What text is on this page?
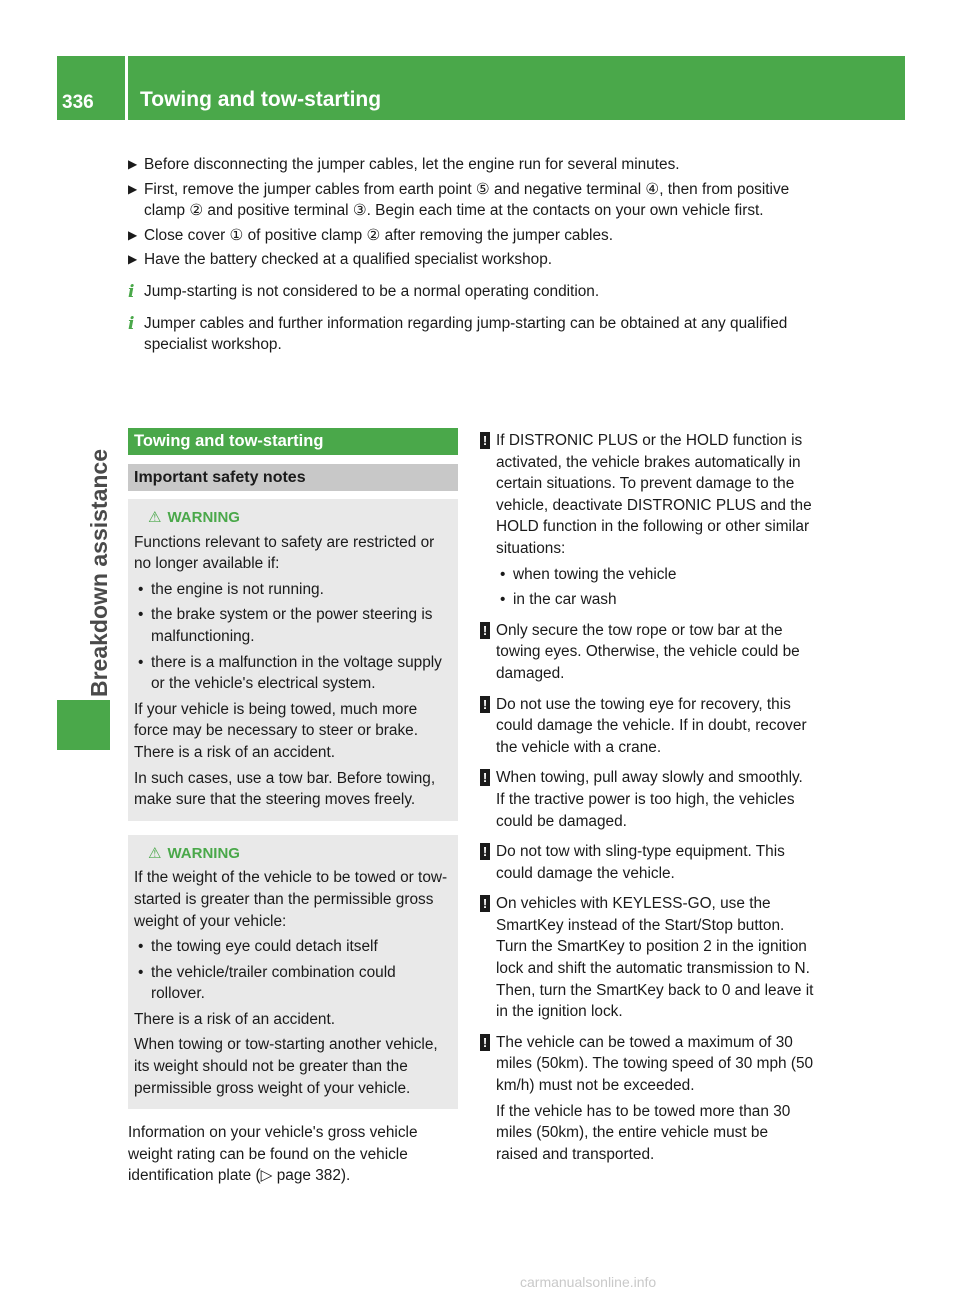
336	Towing and tow-starting
Breakdown assistance
▶ Before disconnecting the jumper cables, let the engine run for several minutes.
▶ First, remove the jumper cables from earth point ⑤ and negative terminal ④, then from positive clamp ② and positive terminal ③. Begin each time at the contacts on your own vehicle first.
▶ Close cover ① of positive clamp ② after removing the jumper cables.
▶ Have the battery checked at a qualified specialist workshop.
i Jump-starting is not considered to be a normal operating condition.
i Jumper cables and further information regarding jump-starting can be obtained at any qualified specialist workshop.
Towing and tow-starting
Important safety notes
⚠ WARNING

Functions relevant to safety are restricted or no longer available if:

• the engine is not running.
• the brake system or the power steering is malfunctioning.
• there is a malfunction in the voltage supply or the vehicle's electrical system.

If your vehicle is being towed, much more force may be necessary to steer or brake. There is a risk of an accident.

In such cases, use a tow bar. Before towing, make sure that the steering moves freely.

⚠ WARNING

If the weight of the vehicle to be towed or tow-started is greater than the permissible gross weight of your vehicle:

• the towing eye could detach itself
• the vehicle/trailer combination could rollover.

There is a risk of an accident.

When towing or tow-starting another vehicle, its weight should not be greater than the permissible gross weight of your vehicle.

Information on your vehicle's gross vehicle weight rating can be found on the vehicle identification plate (▷ page 382).

! If DISTRONIC PLUS or the HOLD function is activated, the vehicle brakes automatically in certain situations. To prevent damage to the vehicle, deactivate DISTRONIC PLUS and the HOLD function in the following or other similar situations:

• when towing the vehicle
• in the car wash
! Only secure the tow rope or tow bar at the towing eyes. Otherwise, the vehicle could be damaged.

! Do not use the towing eye for recovery, this could damage the vehicle. If in doubt, recover the vehicle with a crane.

! When towing, pull away slowly and smoothly. If the tractive power is too high, the vehicles could be damaged.

! Do not tow with sling-type equipment. This could damage the vehicle.

! On vehicles with KEYLESS-GO, use the SmartKey instead of the Start/Stop button. Turn the SmartKey to position 2 in the ignition lock and shift the automatic transmission to N. Then, turn the SmartKey back to 0 and leave it in the ignition lock.

! The vehicle can be towed a maximum of 30 miles (50km). The towing speed of 30 mph (50 km/h) must not be exceeded.

If the vehicle has to be towed more than 30 miles (50km), the entire vehicle must be raised and transported.

carmanualsonline.info
